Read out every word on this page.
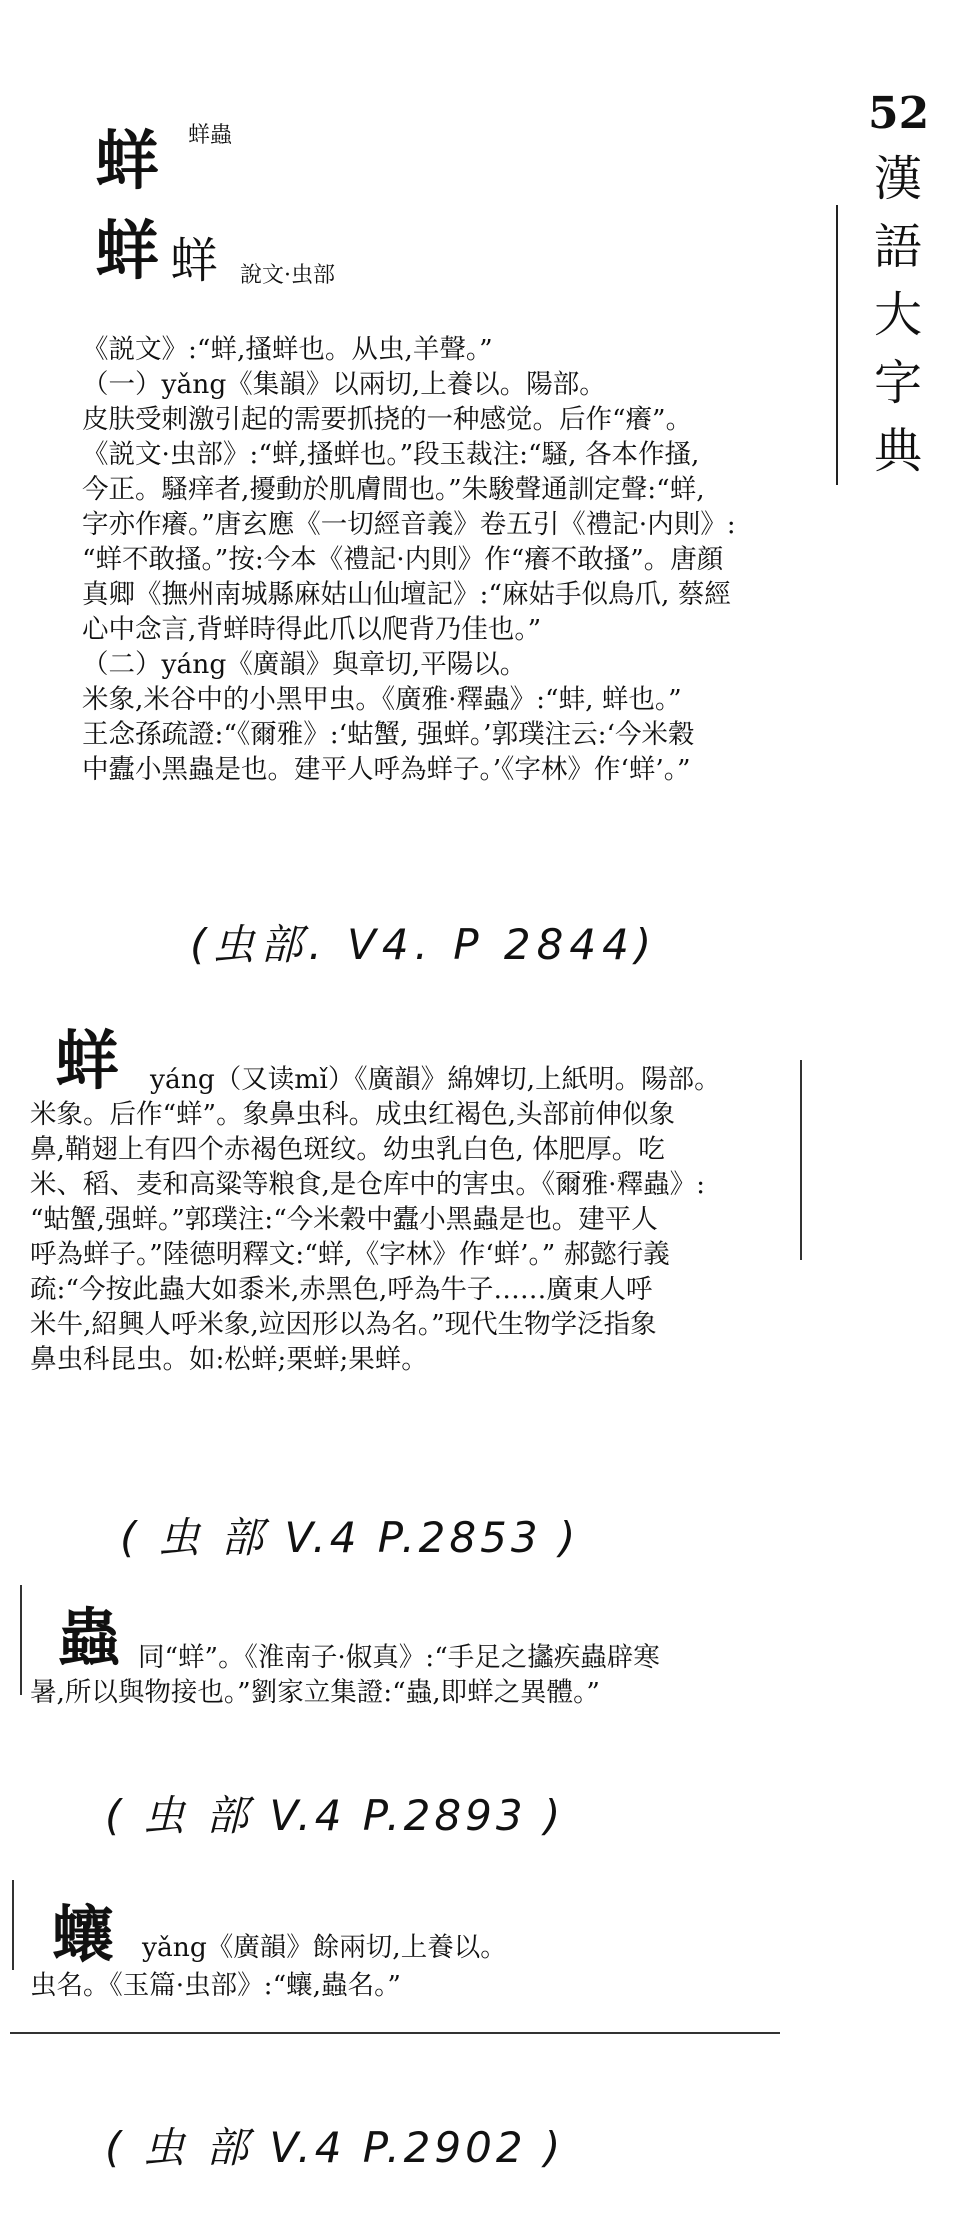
52
漢語大字典
蛘 蛘蟲
蛘 蛘 說文·虫部
《説文》:“蛘,搔蛘也。从虫,羊聲。”
（一）yǎng《集韻》以兩切,上養以。陽部。
皮肤受刺激引起的需要抓挠的一种感觉。后作“癢”。
《説文·虫部》:“蛘,搔蛘也。”段玉裁注:“騷, 各本作搔,
今正。騷痒者,擾動於肌膚間也。”朱駿聲通訓定聲:“蛘,
字亦作癢。”唐玄應《一切經音義》卷五引《禮記·内則》:
“蛘不敢搔。”按:今本《禮記·内則》作“癢不敢搔”。唐顔
真卿《撫州南城縣麻姑山仙壇記》:“麻姑手似鳥爪, 蔡經
心中念言,背蛘時得此爪以爬背乃佳也。”
（二）yáng《廣韻》與章切,平陽以。
米象,米谷中的小黑甲虫。《廣雅·釋蟲》:“蚌, 蛘也。”
王念孫疏證:“《爾雅》:‘蛄蟹, 强蛘。’郭璞注云:‘今米穀
中蠹小黑蟲是也。建平人呼為蛘子。’《字林》作‘蛘’。”
(虫部. V4. P 2844)
蛘 yáng（又读mǐ）《廣韻》綿婢切,上紙明。陽部。
米象。后作“蛘”。象鼻虫科。成虫红褐色,头部前伸似象
鼻,鞘翅上有四个赤褐色斑纹。幼虫乳白色, 体肥厚。吃
米、稻、麦和高粱等粮食,是仓库中的害虫。《爾雅·釋蟲》:
“蛄蟹,强蛘。”郭璞注:“今米穀中蠹小黑蟲是也。建平人
呼為蛘子。”陸德明釋文:“蛘,《字林》作‘蛘’。” 郝懿行義
疏:“今按此蟲大如黍米,赤黑色,呼為牛子……廣東人呼
米牛,紹興人呼米象,竝因形以為名。”现代生物学泛指象
鼻虫科昆虫。如:松蛘;栗蛘;果蛘。
( 虫 部 V.4 P.2853 )
蟲 同“蛘”。《淮南子·俶真》:“手足之攭疾蟲辟寒
暑,所以與物接也。”劉家立集證:“蟲,即蛘之異體。”
( 虫 部 V.4 P.2893 )
蠰 yǎng《廣韻》餘兩切,上養以。
虫名。《玉篇·虫部》:“蠰,蟲名。”
( 虫 部 V.4 P.2902 )
